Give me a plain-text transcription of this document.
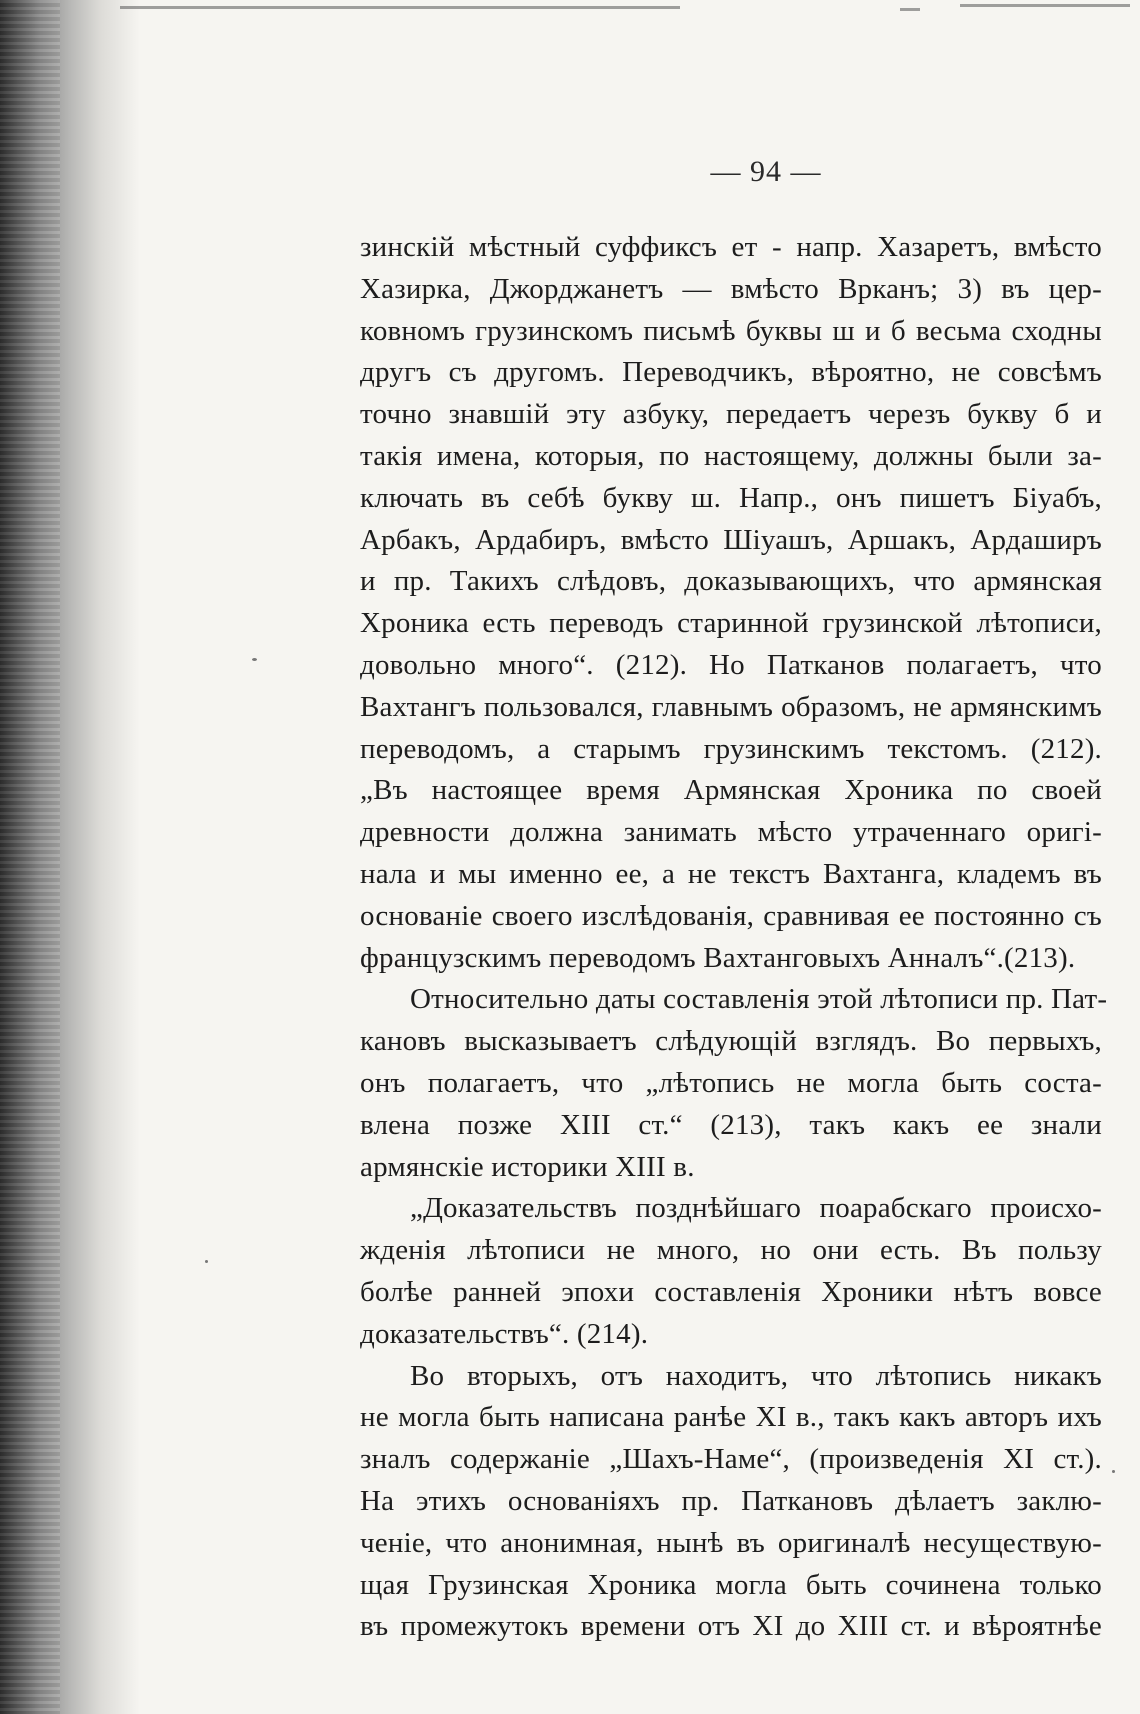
— 94 —
зинскій мѣстный суффиксъ ет - напр. Хазаретъ, вмѣсто
Хазирка, Джорджанетъ — вмѣсто Врканъ; 3) въ цер-
ковномъ грузинскомъ письмѣ буквы ш и б весьма сходны
другъ съ другомъ. Переводчикъ, вѣроятно, не совсѣмъ
точно знавшій эту азбуку, передаетъ черезъ букву б и
такія имена, которыя, по настоящему, должны были за-
ключать въ себѣ букву ш. Напр., онъ пишетъ Біуабъ,
Арбакъ, Ардабиръ, вмѣсто Шіуашъ, Аршакъ, Ардаширъ
и пр. Такихъ слѣдовъ, доказывающихъ, что армянская
Хроника есть переводъ старинной грузинской лѣтописи,
довольно много“. (212). Но Патканов полагаетъ, что
Вахтангъ пользовался, главнымъ образомъ, не армянскимъ
переводомъ, а старымъ грузинскимъ текстомъ. (212).
„Въ настоящее время Армянская Хроника по своей
древности должна занимать мѣсто утраченнаго оригі-
нала и мы именно ее, а не текстъ Вахтанга, кладемъ въ
основаніе своего изслѣдованія, сравнивая ее постоянно съ
французскимъ переводомъ Вахтанговыхъ Анналъ“.(213).
Относительно даты составленія этой лѣтописи пр. Пат-
кановъ высказываетъ слѣдующій взглядъ. Во первыхъ,
онъ полагаетъ, что „лѣтопись не могла быть соста-
влена позже XIII ст.“ (213), такъ какъ ее знали
армянскіе историки XIII в.
„Доказательствъ позднѣйшаго поарабскаго происхо-
жденія лѣтописи не много, но они есть. Въ пользу
болѣе ранней эпохи составленія Хроники нѣтъ вовсе
доказательствъ“. (214).
Во вторыхъ, отъ находитъ, что лѣтопись никакъ
не могла быть написана ранѣе XI в., такъ какъ авторъ ихъ
зналъ содержаніе „Шахъ-Наме“, (произведенія XI ст.).
На этихъ основаніяхъ пр. Паткановъ дѣлаетъ заклю-
ченіе, что анонимная, нынѣ въ оригиналѣ несуществую-
щая Грузинская Хроника могла быть сочинена только
въ промежутокъ времени отъ XI до XIII ст. и вѣроятнѣе
